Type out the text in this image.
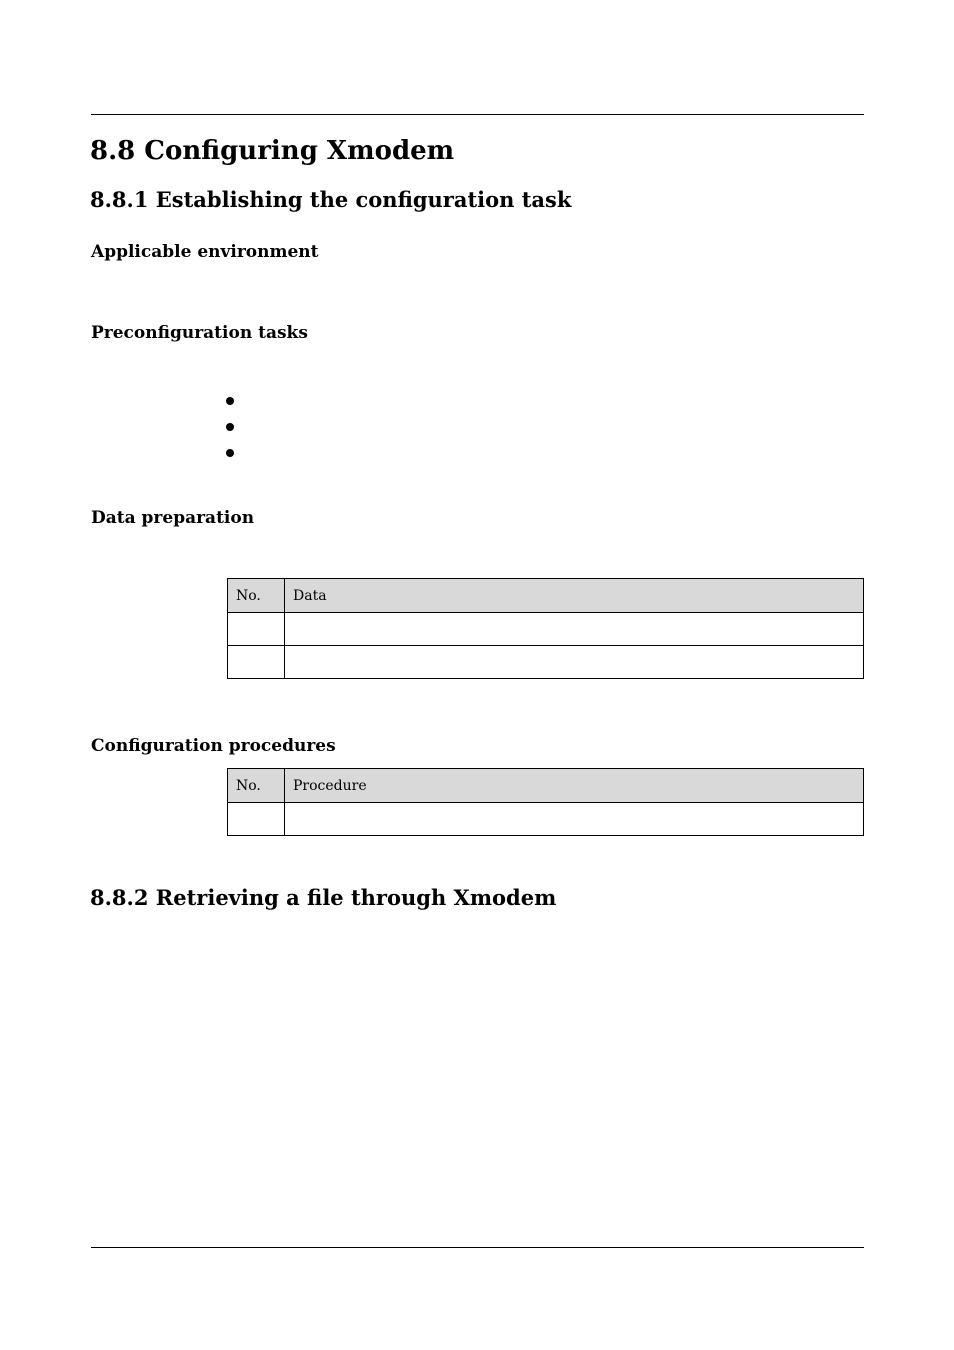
8.8 Configuring Xmodem
8.8.1 Establishing the configuration task
Applicable environment
Preconfiguration tasks
Data preparation
No.	Data

Configuration procedures
No.	Procedure

8.8.2 Retrieving a file through Xmodem
